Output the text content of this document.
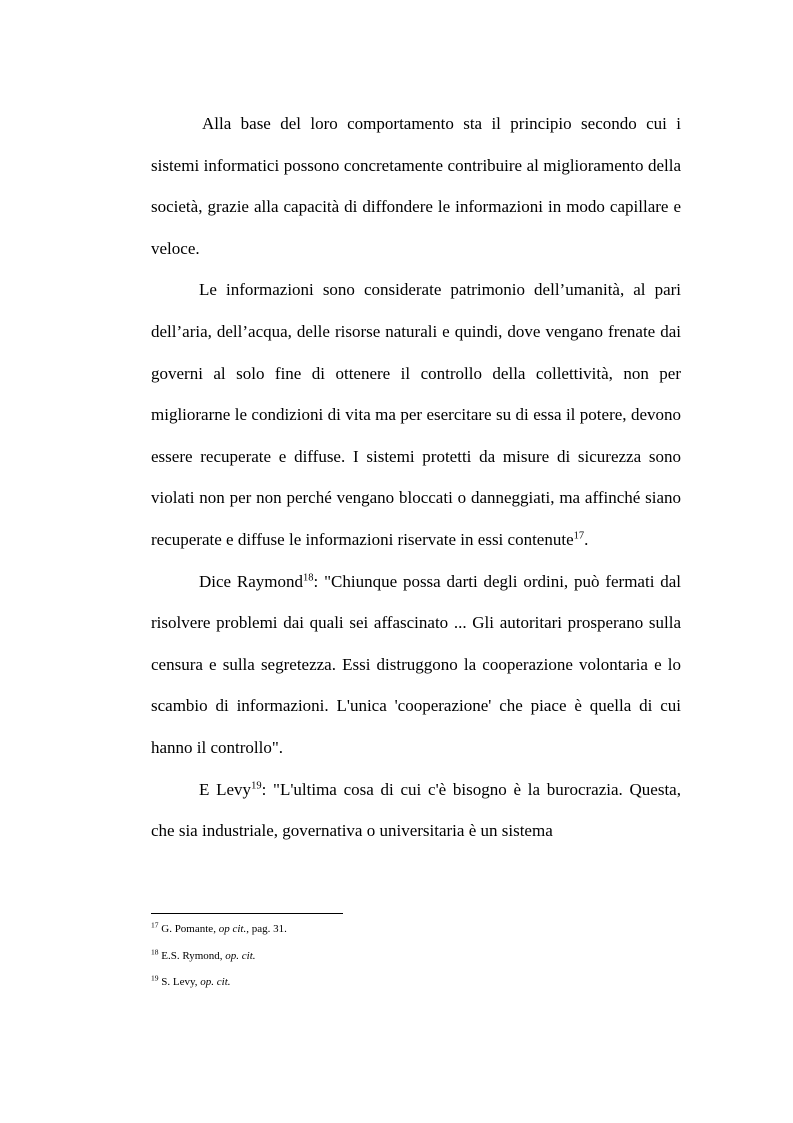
Alla base del loro comportamento sta il principio secondo cui i sistemi informatici possono concretamente contribuire al miglioramento della società, grazie alla capacità di diffondere le informazioni in modo capillare e veloce.

Le informazioni sono considerate patrimonio dell’umanità, al pari dell’aria, dell’acqua, delle risorse naturali e quindi, dove vengano frenate dai governi al solo fine di ottenere il controllo della collettività, non per migliorarne le condizioni di vita ma per esercitare su di essa il potere, devono essere recuperate e diffuse. I sistemi protetti da misure di sicurezza sono violati non per non perché vengano bloccati o danneggiati, ma affinché siano recuperate e diffuse le informazioni riservate in essi contenute$^{17}$.

Dice Raymond$^{18}$: "Chiunque possa darti degli ordini, può fermati dal risolvere problemi dai quali sei affascinato ... Gli autoritari prosperano sulla censura e sulla segretezza. Essi distruggono la cooperazione volontaria e lo scambio di informazioni. L'unica 'cooperazione' che piace è quella di cui hanno il controllo".

E Levy$^{19}$: "L'ultima cosa di cui c'è bisogno è la burocrazia. Questa, che sia industriale, governativa o universitaria è un sistema

$^{17}$ G. Pomante, op cit., pag. 31.

$^{18}$ E.S. Rymond, op. cit.

$^{19}$ S. Levy, op. cit.
